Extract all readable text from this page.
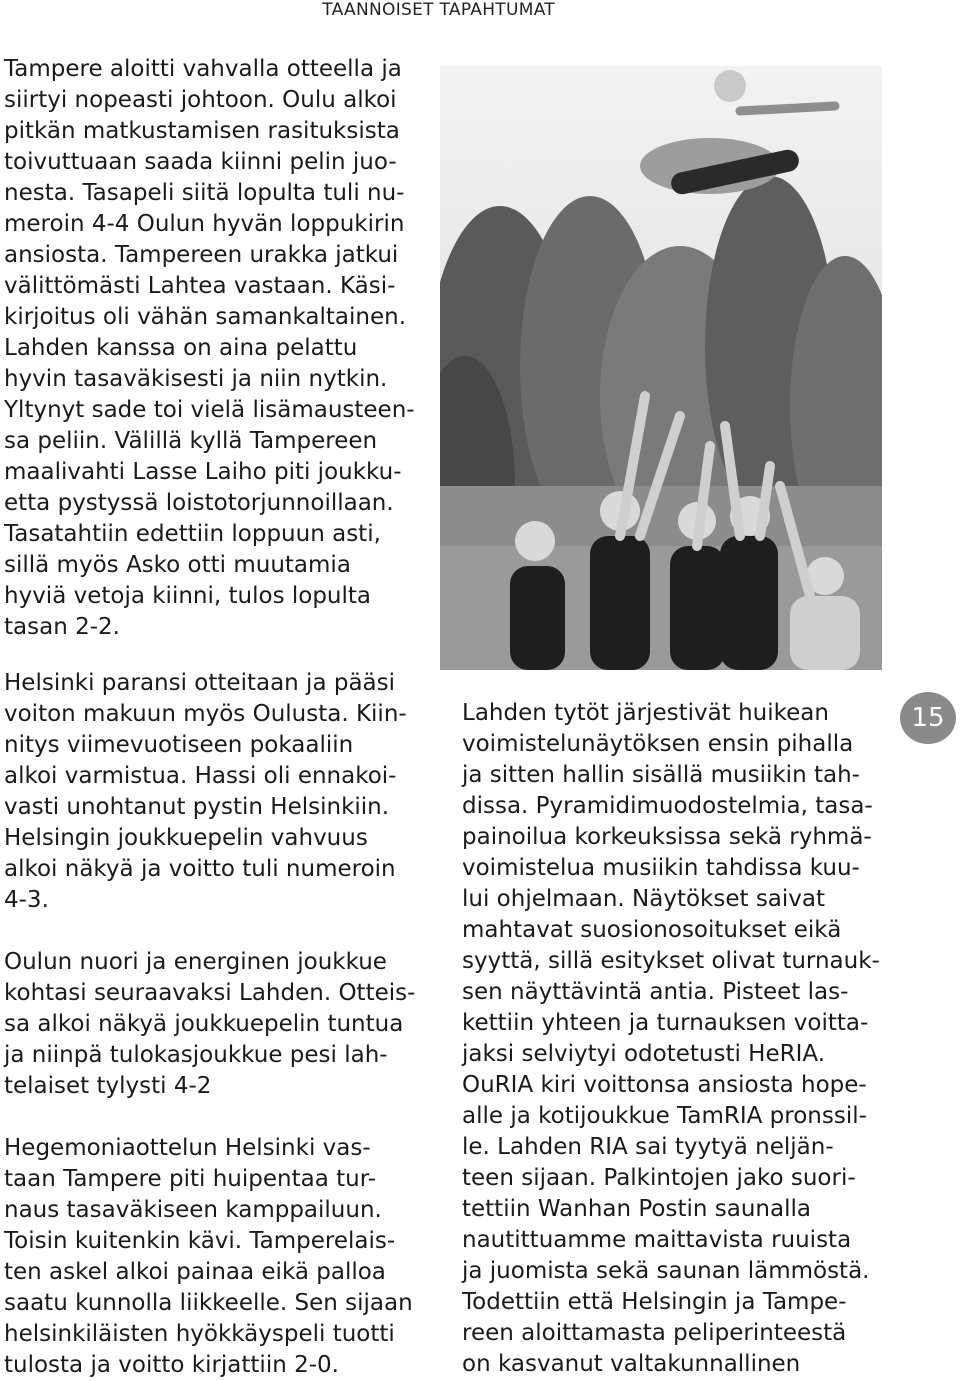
TAANNOISET TAPAHTUMAT

Tampere aloitti vahvalla otteella ja
siirtyi nopeasti johtoon. Oulu alkoi
pitkän matkustamisen rasituksista
toivuttuaan saada kiinni pelin juo-
nesta. Tasapeli siitä lopulta tuli nu-
meroin 4-4 Oulun hyvän loppukirin
ansiosta. Tampereen urakka jatkui
välittömästi Lahtea vastaan. Käsi-
kirjoitus oli vähän samankaltainen.
Lahden kanssa on aina pelattu
hyvin tasaväkisesti ja niin nytkin.
Yltynyt sade toi vielä lisämausteen-
sa peliin. Välillä kyllä Tampereen
maalivahti Lasse Laiho piti joukku-
etta pystyssä loistotorjunnoillaan.
Tasatahtiin edettiin loppuun asti,
sillä myös Asko otti muutamia
hyviä vetoja kiinni, tulos lopulta
tasan 2-2.

Helsinki paransi otteitaan ja pääsi
voiton makuun myös Oulusta. Kiin-
nitys viimevuotiseen pokaaliin
alkoi varmistua. Hassi oli ennakoi-
vasti unohtanut pystin Helsinkiin.
Helsingin joukkuepelin vahvuus
alkoi näkyä ja voitto tuli numeroin
4-3.

Oulun nuori ja energinen joukkue
kohtasi seuraavaksi Lahden. Otteis-
sa alkoi näkyä joukkuepelin tuntua
ja niinpä tulokasjoukkue pesi lah-
telaiset tylysti 4-2

Hegemoniaottelun Helsinki vas-
taan Tampere piti huipentaa tur-
naus tasaväkiseen kamppailuun.
Toisin kuitenkin kävi. Tamperelais-
ten askel alkoi painaa eikä palloa
saatu kunnolla liikkeelle. Sen sijaan
helsinkiläisten hyökkäyspeli tuotti
tulosta ja voitto kirjattiin 2-0.

Lahden tytöt järjestivät huikean
voimistelunäytöksen ensin pihalla
ja sitten hallin sisällä musiikin tah-
dissa. Pyramidimuodostelmia, tasa-
painoilua korkeuksissa sekä ryhmä-
voimistelua musiikin tahdissa kuu-
lui ohjelmaan. Näytökset saivat
mahtavat suosionosoitukset eikä
syyttä, sillä esitykset olivat turnauk-
sen näyttävintä antia. Pisteet las-
kettiin yhteen ja turnauksen voitta-
jaksi selviytyi odotetusti HeRIA.
OuRIA kiri voittonsa ansiosta hope-
alle ja kotijoukkue TamRIA pronssil-
le. Lahden RIA sai tyytyä neljän-
teen sijaan. Palkintojen jako suori-
tettiin Wanhan Postin saunalla
nautittuamme maittavista ruuista
ja juomista sekä saunan lämmöstä.
Todettiin että Helsingin ja Tampe-
reen aloittamasta peliperinteestä
on kasvanut valtakunnallinen

15
